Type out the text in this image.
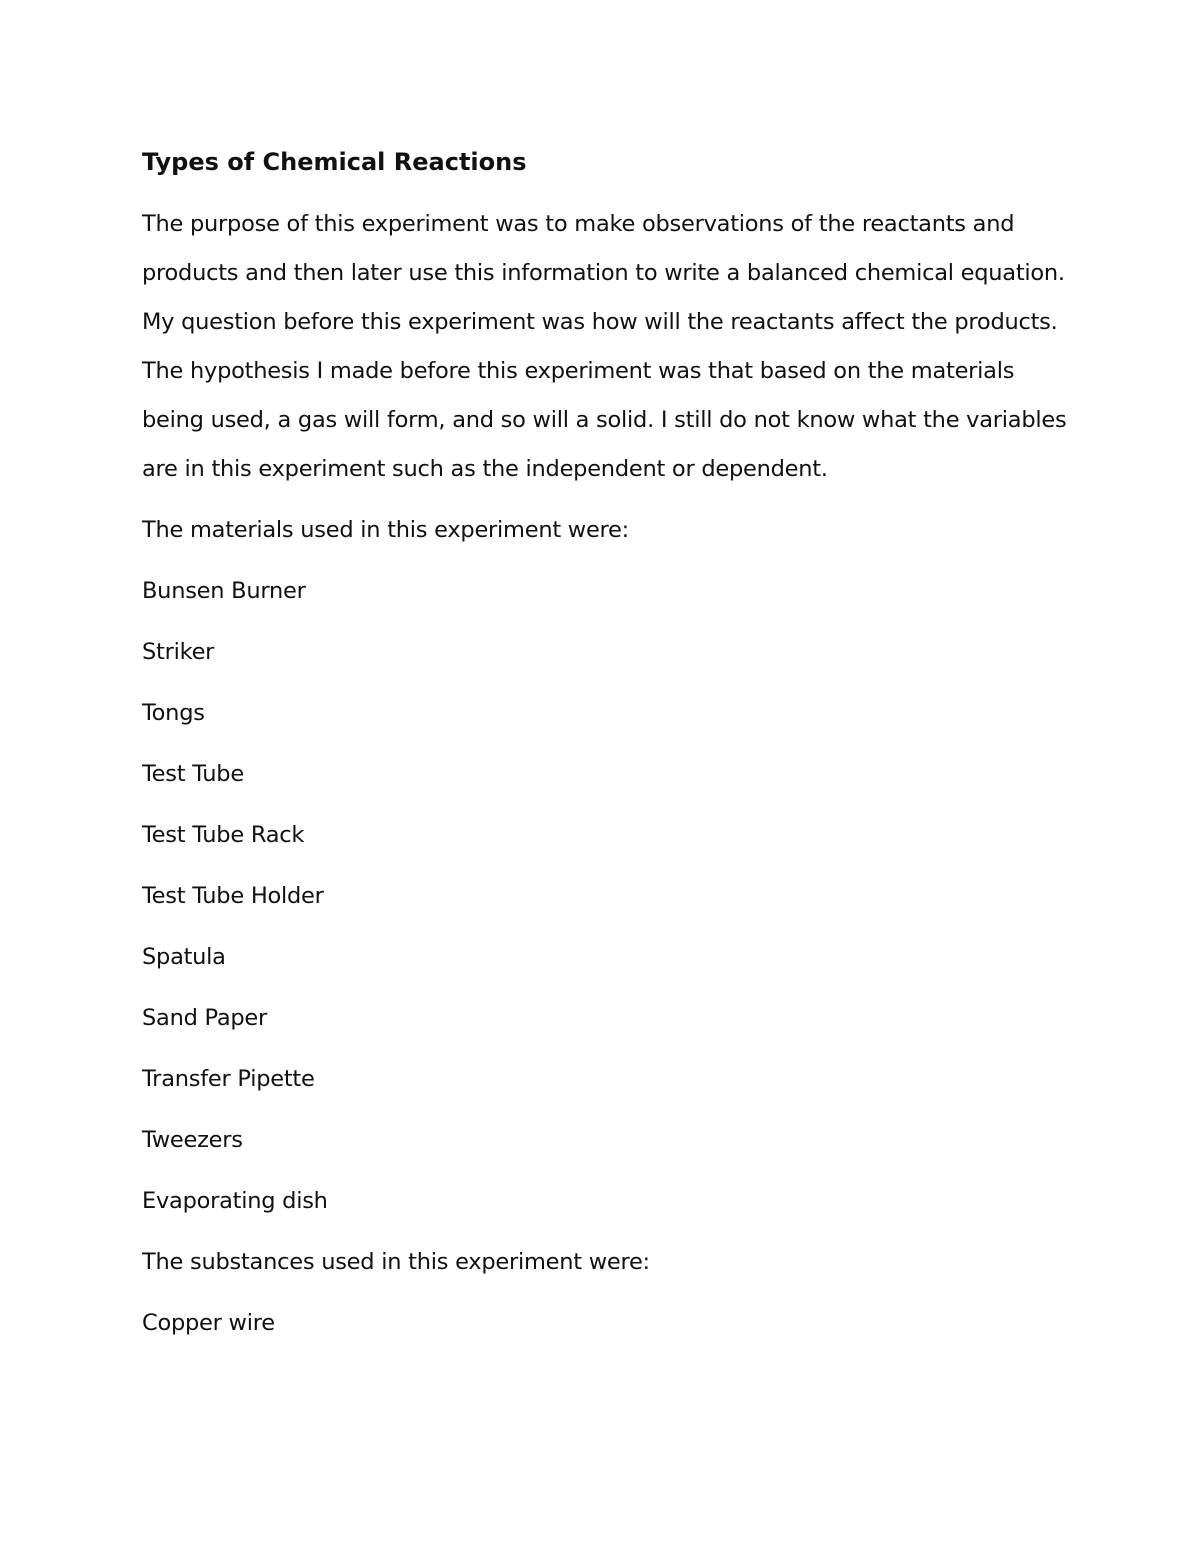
Types of Chemical Reactions

The purpose of this experiment was to make observations of the reactants and products and then later use this information to write a balanced chemical equation. My question before this experiment was how will the reactants affect the products. The hypothesis I made before this experiment was that based on the materials being used, a gas will form, and so will a solid. I still do not know what the variables are in this experiment such as the independent or dependent.

The materials used in this experiment were:
Bunsen Burner
Striker
Tongs
Test Tube
Test Tube Rack
Test Tube Holder
Spatula
Sand Paper
Transfer Pipette
Tweezers
Evaporating dish
The substances used in this experiment were:
Copper wire
